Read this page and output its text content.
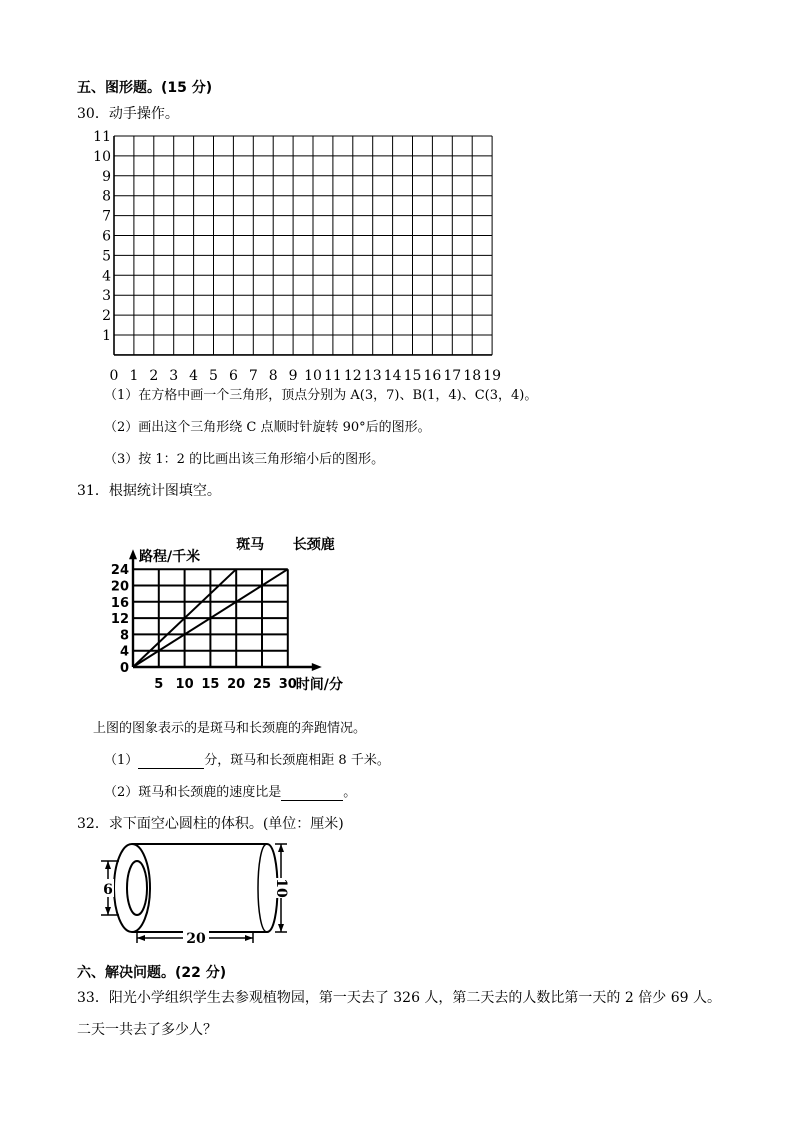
五、图形题。(15 分)
30．动手操作。
0 1 2 3 4 5 6 7 8 9 10 11 12 13 14 15 16 17 18 19
1
2
3
4
5
6
7
8
9
10
11
（1）在方格中画一个三角形，顶点分别为 A(3，7)、B(1，4)、C(3，4)。
（2）画出这个三角形绕 C 点顺时针旋转 90°后的图形。
（3）按 1：2 的比画出该三角形缩小后的图形。
31．根据统计图填空。
斑马 长颈鹿
5 10 15 20 25 30
0
4
8
12
16
20
24
路程/千米
时间/分
上图的图象表示的是斑马和长颈鹿的奔跑情况。
（1）	分，斑马和长颈鹿相距 8 千米。
（2）斑马和长颈鹿的速度比是	。
32．求下面空心圆柱的体积。(单位：厘米)
6	10
20
六、解决问题。(22 分)
33．阳光小学组织学生去参观植物园，第一天去了 326 人，第二天去的人数比第一天的 2 倍少 69 人。
二天一共去了多少人？
